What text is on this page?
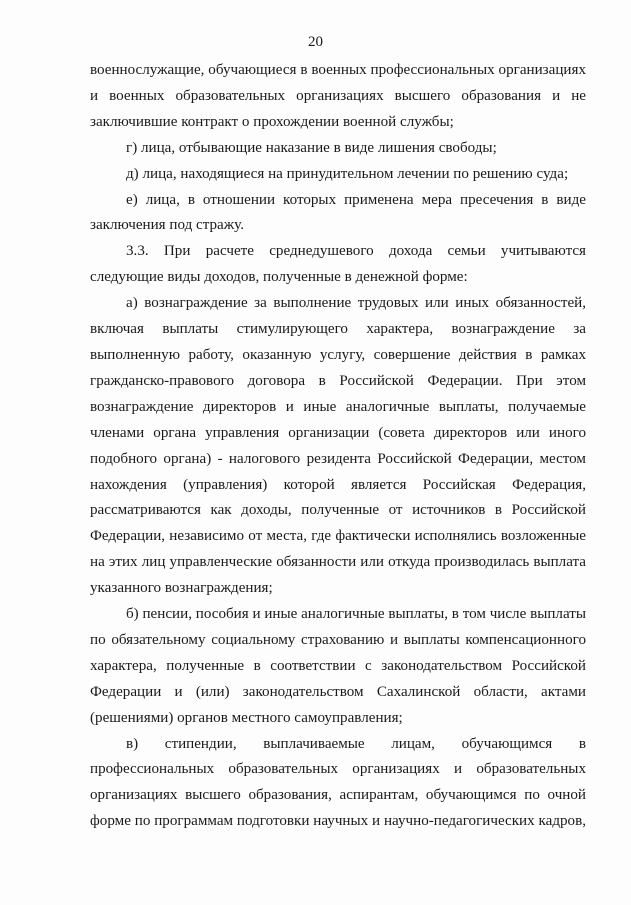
20

военнослужащие, обучающиеся в военных профессиональных организациях
и военных образовательных организациях высшего образования и не
заключившие контракт о прохождении военной службы;

г) лица, отбывающие наказание в виде лишения свободы;

д) лица, находящиеся на принудительном лечении по решению суда;

е) лица, в отношении которых применена мера пресечения в виде
заключения под стражу.

3.3. При расчете среднедушевого дохода семьи учитываются
следующие виды доходов, полученные в денежной форме:

а) вознаграждение за выполнение трудовых или иных обязанностей,
включая выплаты стимулирующего характера, вознаграждение за
выполненную работу, оказанную услугу, совершение действия в рамках
гражданско-правового договора в Российской Федерации. При этом
вознаграждение директоров и иные аналогичные выплаты, получаемые
членами органа управления организации (совета директоров или иного
подобного органа) - налогового резидента Российской Федерации, местом
нахождения (управления) которой является Российская Федерация,
рассматриваются как доходы, полученные от источников в Российской
Федерации, независимо от места, где фактически исполнялись возложенные
на этих лиц управленческие обязанности или откуда производилась выплата
указанного вознаграждения;

б) пенсии, пособия и иные аналогичные выплаты, в том числе выплаты
по обязательному социальному страхованию и выплаты компенсационного
характера, полученные в соответствии с законодательством Российской
Федерации и (или) законодательством Сахалинской области, актами
(решениями) органов местного самоуправления;

в) стипендии, выплачиваемые лицам, обучающимся в
профессиональных образовательных организациях и образовательных
организациях высшего образования, аспирантам, обучающимся по очной
форме по программам подготовки научных и научно-педагогических кадров,
